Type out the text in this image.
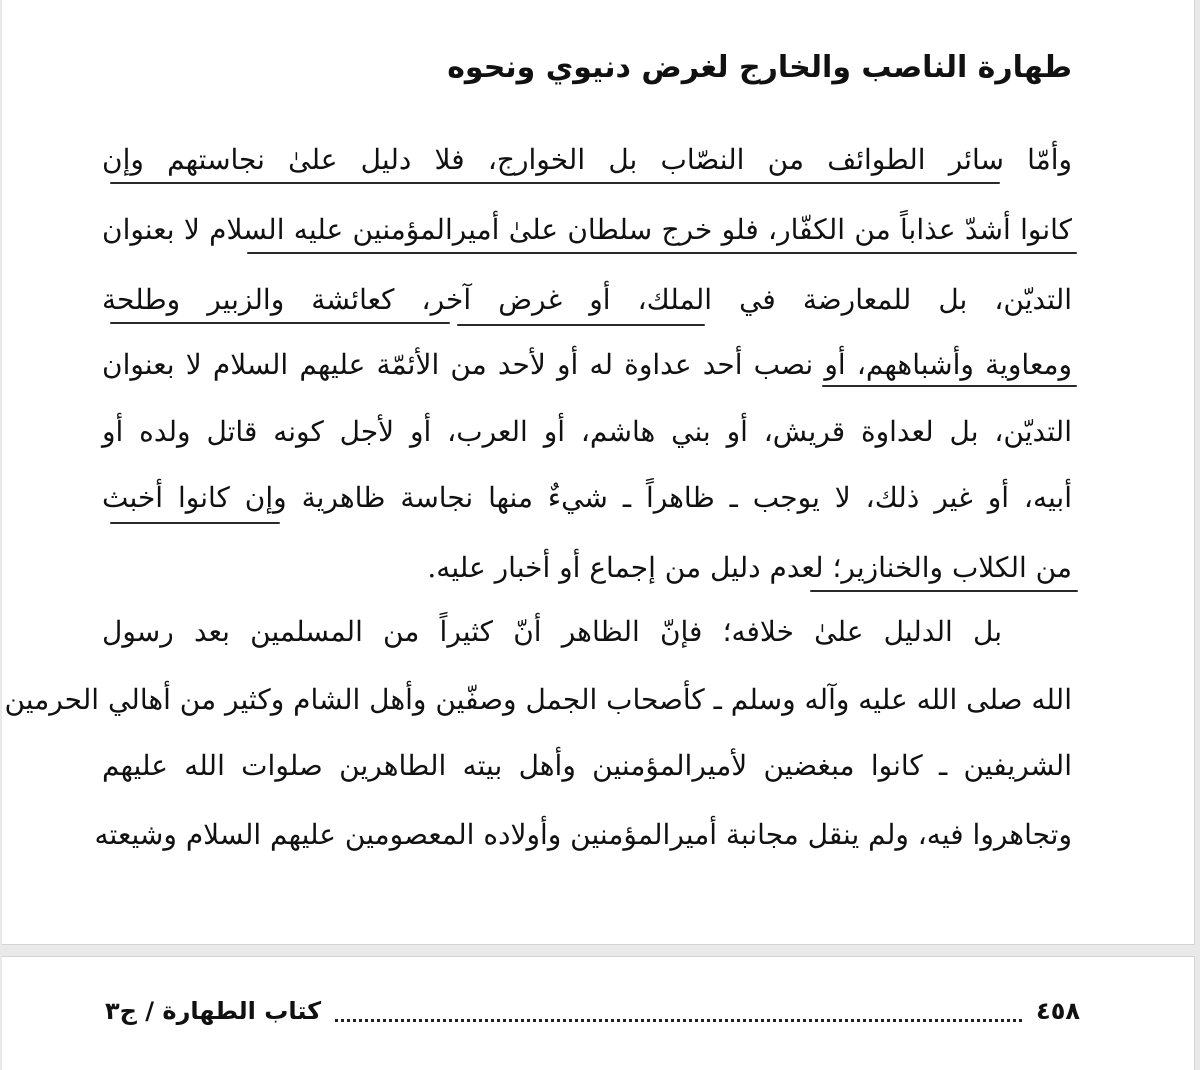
طهارة الناصب والخارج لغرض دنيوي ونحوه
وأمّا سائر الطوائف من النصّاب بل الخوارج، فلا دليل علىٰ نجاستهم وإن
كانوا أشدّ عذاباً من الكفّار، فلو خرج سلطان علىٰ أميرالمؤمنين عليه السلام لا بعنوان
التديّن، بل للمعارضة في الملك، أو غرض آخر، كعائشة والزبير وطلحة
ومعاوية وأشباههم، أو نصب أحد عداوة له أو لأحد من الأئمّة عليهم السلام لا بعنوان
التديّن، بل لعداوة قريش، أو بني هاشم، أو العرب، أو لأجل كونه قاتل ولده أو
أبيه، أو غير ذلك، لا يوجب ـ ظاهراً ـ شيءٌ منها نجاسة ظاهرية وإن كانوا أخبث
من الكلاب والخنازير؛ لعدم دليل من إجماع أو أخبار عليه.
بل الدليل علىٰ خلافه؛ فإنّ الظاهر أنّ كثيراً من المسلمين بعد رسول
الله صلى الله عليه وآله وسلم ـ كأصحاب الجمل وصفّين وأهل الشام وكثير من أهالي الحرمين
الشريفين ـ كانوا مبغضين لأميرالمؤمنين وأهل بيته الطاهرين صلوات الله عليهم
وتجاهروا فيه، ولم ينقل مجانبة أميرالمؤمنين وأولاده المعصومين عليهم السلام وشيعته
٤٥٨
كتاب الطهارة / ج٣
